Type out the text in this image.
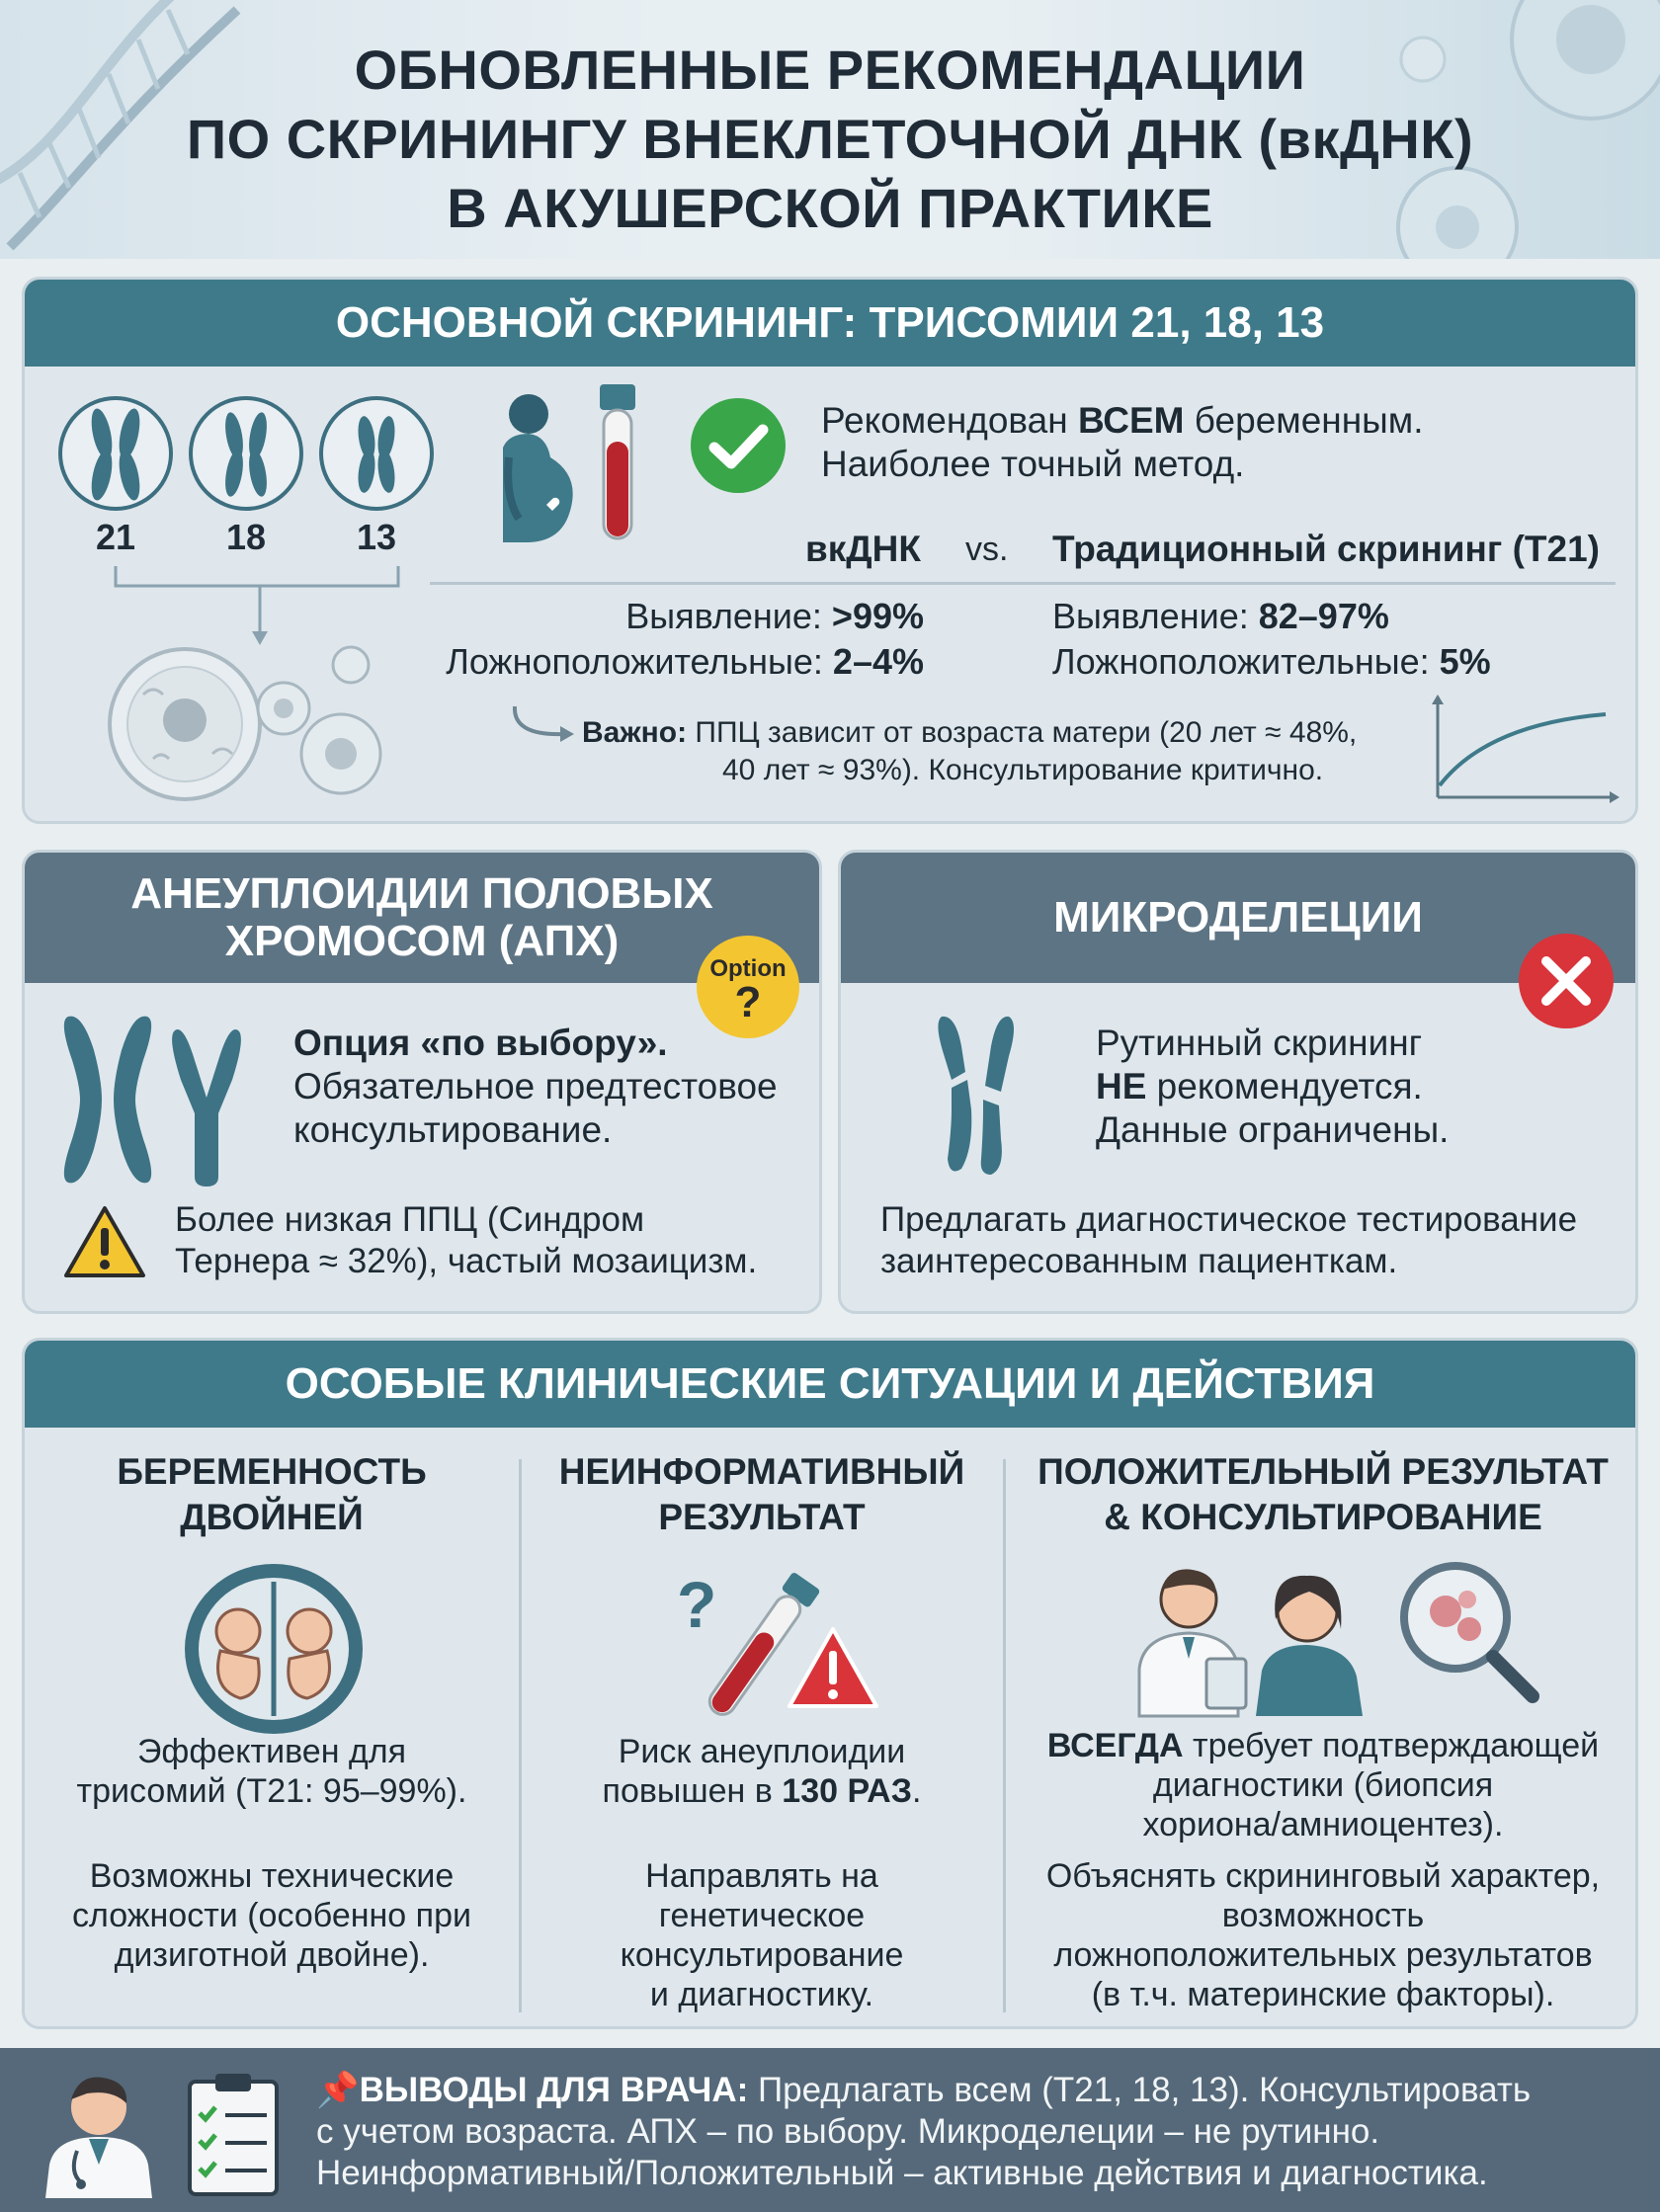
ОБНОВЛЕННЫЕ РЕКОМЕНДАЦИИ
ПО СКРИНИНГУ ВНЕКЛЕТОЧНОЙ ДНК (вкДНК)
В АКУШЕРСКОЙ ПРАКТИКЕ
ОСНОВНОЙ СКРИНИНГ: ТРИСОМИИ 21, 18, 13
21	18	13
Рекомендован ВСЕМ беременным.
Наиболее точный метод.
вкДНК vs. Традиционный скрининг (T21)
Выявление: >99%
Ложноположительные: 2–4%
Выявление: 82–97%
Ложноположительные: 5%
Важно: ППЦ зависит от возраста матери (20 лет ≈ 48%,
40 лет ≈ 93%). Консультирование критично.
АНЕУПЛОИДИИ ПОЛОВЫХ
ХРОМОСОМ (АПХ)
Option
?
Опция «по выбору».
Обязательное предтестовое
консультирование.
Более низкая ППЦ (Синдром
Тернера ≈ 32%), частый мозаицизм.
МИКРОДЕЛЕЦИИ
Рутинный скрининг
НЕ рекомендуется.
Данные ограничены.
Предлагать диагностическое тестирование
заинтересованным пациенткам.
ОСОБЫЕ КЛИНИЧЕСКИЕ СИТУАЦИИ И ДЕЙСТВИЯ
БЕРЕМЕННОСТЬ
ДВОЙНЕЙ
Эффективен для
трисомий (T21: 95–99%).
Возможны технические
сложности (особенно при
дизиготной двойне).
НЕИНФОРМАТИВНЫЙ
РЕЗУЛЬТАТ
?
Риск анеуплоидии
повышен в 130 РАЗ.
Направлять на
генетическое
консультирование
и диагностику.
ПОЛОЖИТЕЛЬНЫЙ РЕЗУЛЬТАТ
& КОНСУЛЬТИРОВАНИЕ
ВСЕГДА требует подтверждающей
диагностики (биопсия
хориона/амниоцентез).
Объяснять скрининговый характер,
возможность
ложноположительных результатов
(в т.ч. материнские факторы).
📌ВЫВОДЫ ДЛЯ ВРАЧА: Предлагать всем (T21, 18, 13). Консультировать
с учетом возраста. АПХ – по выбору. Микроделеции – не рутинно.
Неинформативный/Положительный – активные действия и диагностика.
